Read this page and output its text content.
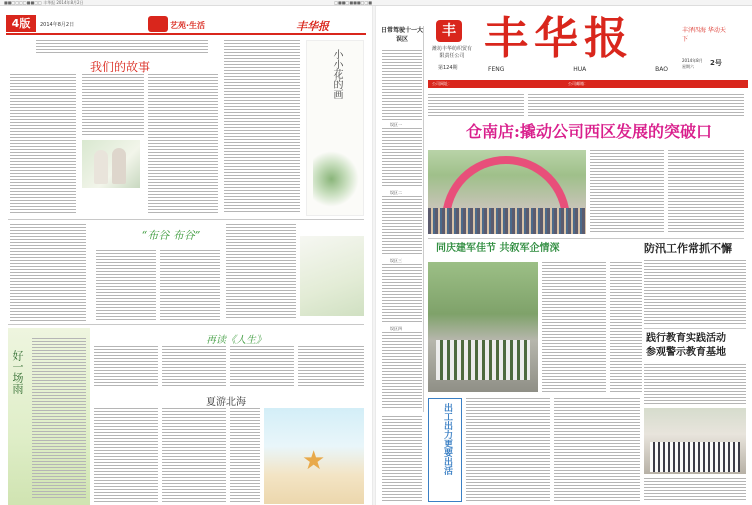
■■□□□□■■□□ 丰华报 2014年8月2日	□■■□■■■□□■
4版	2014年8月2日	艺苑·生活	丰华报
我们的故事	小小花的画
“布谷 布谷”
好一场雨
再读《人生》
夏游北海
★
日常驾驶十一大误区
误区一
误区二
误区三
误区四
丰
潍坊丰华纺织贸有限责任公司
第124期
丰华报
FENG	HUA	BAO
丰泽四海 华动天下
2014年8月
星期六 2号
公司网址：	公司邮箱：
仓南店:撬动公司西区发展的突破口
同庆建军佳节 共叙军企情深	防汛工作常抓不懈
践行教育实践活动
参观警示教育基地
出工出力更要出活
